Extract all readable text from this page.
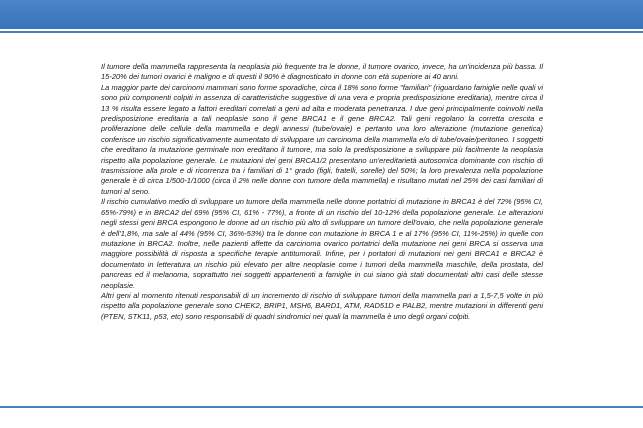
Il tumore della mammella rappresenta la neoplasia più frequente tra le donne, il tumore ovarico, invece, ha un'incidenza più bassa. Il 15-20% dei tumori ovarici è maligno e di questi il 90% è diagnosticato in donne con età superiore ai 40 anni.

La maggior parte dei carcinomi mammari sono forme sporadiche, circa il 18% sono forme "familiari" (riguardano famiglie nelle quali vi sono più componenti colpiti in assenza di caratteristiche suggestive di una vera e propria predisposizione ereditaria), mentre circa il 13 % risulta essere legato a fattori ereditari correlati a geni ad alta e moderata penetranza. I due geni principalmente coinvolti nella predisposizione ereditaria a tali neoplasie sono il gene BRCA1 e il gene BRCA2. Tali geni regolano la corretta crescita e proliferazione delle cellule della mammella e degli annessi (tube/ovaie) e pertanto una loro alterazione (mutazione genetica) conferisce un rischio significativamente aumentato di sviluppare un carcinoma della mammella e/o di tube/ovaie/peritoneo. I soggetti che ereditano la mutazione germinale non ereditano il tumore, ma solo la predisposizione a sviluppare più facilmente la neoplasia rispetto alla popolazione generale. Le mutazioni dei geni BRCA1/2 presentano un'ereditarietà autosomica dominante con rischio di trasmissione alla prole e di ricorrenza tra i familiari di 1° grado (figli, fratelli, sorelle) del 50%; la loro prevalenza nella popolazione generale è di circa 1/500-1/1000 (circa il 2% nelle donne con tumore della mammella) e risultano mutati nel 25% dei casi familiari di tumori al seno.

Il rischio cumulativo medio di sviluppare un tumore della mammella nelle donne portatrici di mutazione in BRCA1 è del 72% (95% CI, 65%-79%) e in BRCA2 del 69% (95% CI, 61% - 77%), a fronte di un rischio del 10-12% della popolazione generale. Le alterazioni negli stessi geni BRCA espongono le donne ad un rischio più alto di sviluppare un tumore dell'ovaio, che nella popolazione generale è dell'1,8%, ma sale al 44% (95% CI, 36%-53%) tra le donne con mutazione in BRCA 1 e al 17% (95% CI, 11%-25%) in quelle con mutazione in BRCA2. Inoltre, nelle pazienti affette da carcinoma ovarico portatrici della mutazione nei geni BRCA si osserva una maggiore possibilità di risposta a specifiche terapie antitumorali. Infine, per i portatori di mutazioni nei geni BRCA1 e BRCA2 è documentato in letteratura un rischio più elevato per altre neoplasie come i tumori della mammella maschile, della prostata, del pancreas ed il melanoma, soprattutto nei soggetti appartenenti a famiglie in cui siano già stati documentati altri casi delle stesse neoplasie.

Altri geni al momento ritenuti responsabili di un incremento di rischio di sviluppare tumori della mammella pari a 1,5-7,5 volte in più rispetto alla popolazione generale sono CHEK2, BRIP1, MSH6, BARD1, ATM, RAD51D e PALB2, mentre mutazioni in differenti geni (PTEN, STK11, p53, etc) sono responsabili di quadri sindromici nei quali la mammella è uno degli organi colpiti.
